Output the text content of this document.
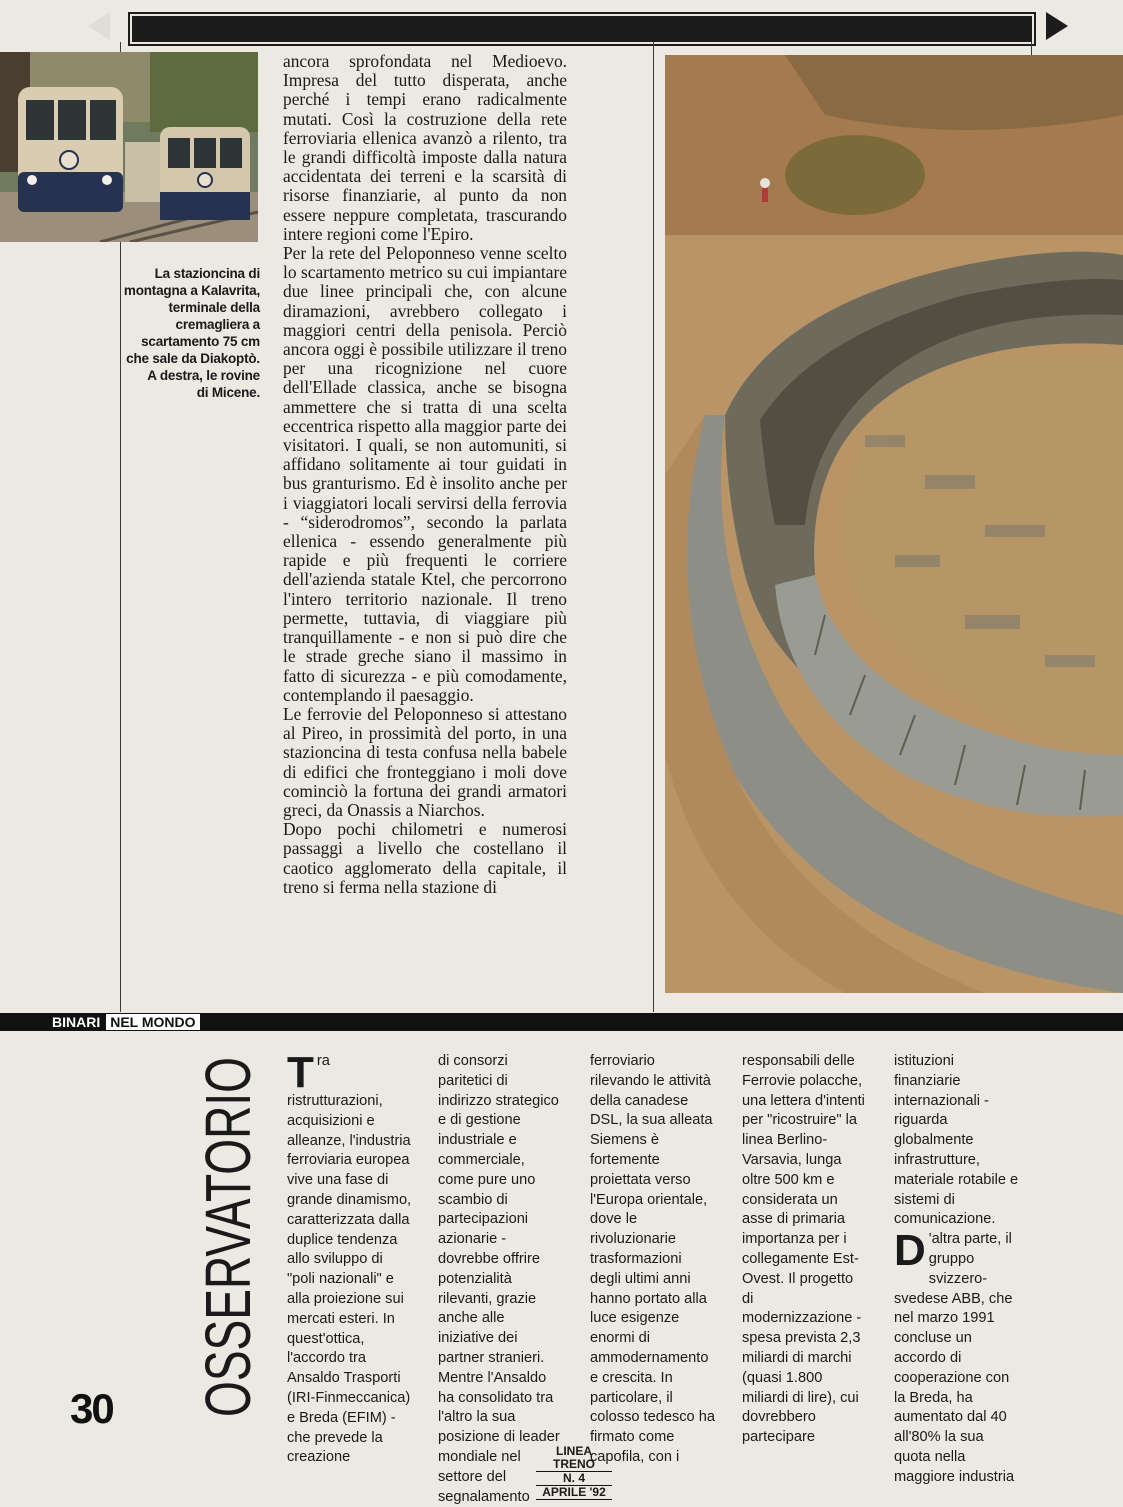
La stazioncina di
montagna a Kalavrita,
terminale della
cremagliera a
scartamento 75 cm
che sale da Diakoptò.
A destra, le rovine
di Micene.

ancora sprofondata nel Medioevo. Impresa del tutto disperata, anche perché i tempi erano radicalmente mutati. Così la costruzione della rete ferroviaria ellenica avanzò a rilento, tra le grandi difficoltà imposte dalla natura accidentata dei terreni e la scarsità di risorse finanziarie, al punto da non essere neppure completata, trascurando intere regioni come l'Epiro.

Per la rete del Peloponneso venne scelto lo scartamento metrico su cui impiantare due linee principali che, con alcune diramazioni, avrebbero collegato i maggiori centri della penisola. Perciò ancora oggi è possibile utilizzare il treno per una ricognizione nel cuore dell'Ellade classica, anche se bisogna ammettere che si tratta di una scelta eccentrica rispetto alla maggior parte dei visitatori. I quali, se non automuniti, si affidano solitamente ai tour guidati in bus granturismo. Ed è insolito anche per i viaggiatori locali servirsi della ferrovia - “siderodromos”, secondo la parlata ellenica - essendo generalmente più rapide e più frequenti le corriere dell'azienda statale Ktel, che percorrono l'intero territorio nazionale. Il treno permette, tuttavia, di viaggiare più tranquillamente - e non si può dire che le strade greche siano il massimo in fatto di sicurezza - e più comodamente, contemplando il paesaggio.

Le ferrovie del Peloponneso si attestano al Pireo, in prossimità del porto, in una stazioncina di testa confusa nella babele di edifici che fronteggiano i moli dove cominciò la fortuna dei grandi armatori greci, da Onassis a Niarchos.

Dopo pochi chilometri e numerosi passaggi a livello che costellano il caotico agglomerato della capitale, il treno si ferma nella stazione di

BINARI NEL MONDO
OSSERVATORIO
30

Tra ristrutturazioni, acquisizioni e alleanze, l'industria ferroviaria europea vive una fase di grande dinamismo, caratterizzata dalla duplice tendenza allo sviluppo di "poli nazionali" e alla proiezione sui mercati esteri. In quest'ottica, l'accordo tra Ansaldo Trasporti (IRI-Finmeccanica) e Breda (EFIM) - che prevede la creazione

di consorzi paritetici di indirizzo strategico e di gestione industriale e commerciale, come pure uno scambio di partecipazioni azionarie - dovrebbe offrire potenzialità rilevanti, grazie anche alle iniziative dei partner stranieri. Mentre l'Ansaldo ha consolidato tra l'altro la sua posizione di leader mondiale nel settore del segnalamento

ferroviario rilevando le attività della canadese DSL, la sua alleata Siemens è fortemente proiettata verso l'Europa orientale, dove le rivoluzionarie trasformazioni degli ultimi anni hanno portato alla luce esigenze enormi di ammodernamento e crescita. In particolare, il colosso tedesco ha firmato come capofila, con i

responsabili delle Ferrovie polacche, una lettera d'intenti per "ricostruire" la linea Berlino-Varsavia, lunga oltre 500 km e considerata un asse di primaria importanza per i collegamente Est-Ovest. Il progetto di modernizzazione - spesa prevista 2,3 miliardi di marchi (quasi 1.800 miliardi di lire), cui dovrebbero partecipare

istituzioni finanziarie internazionali - riguarda globalmente infrastrutture, materiale rotabile e sistemi di comunicazione.

D 'altra parte, il gruppo svizzero-svedese ABB, che nel marzo 1991 concluse un accordo di cooperazione con la Breda, ha aumentato dal 40 all'80% la sua quota nella maggiore industria

LINEA TRENO
N. 4
APRILE '92
